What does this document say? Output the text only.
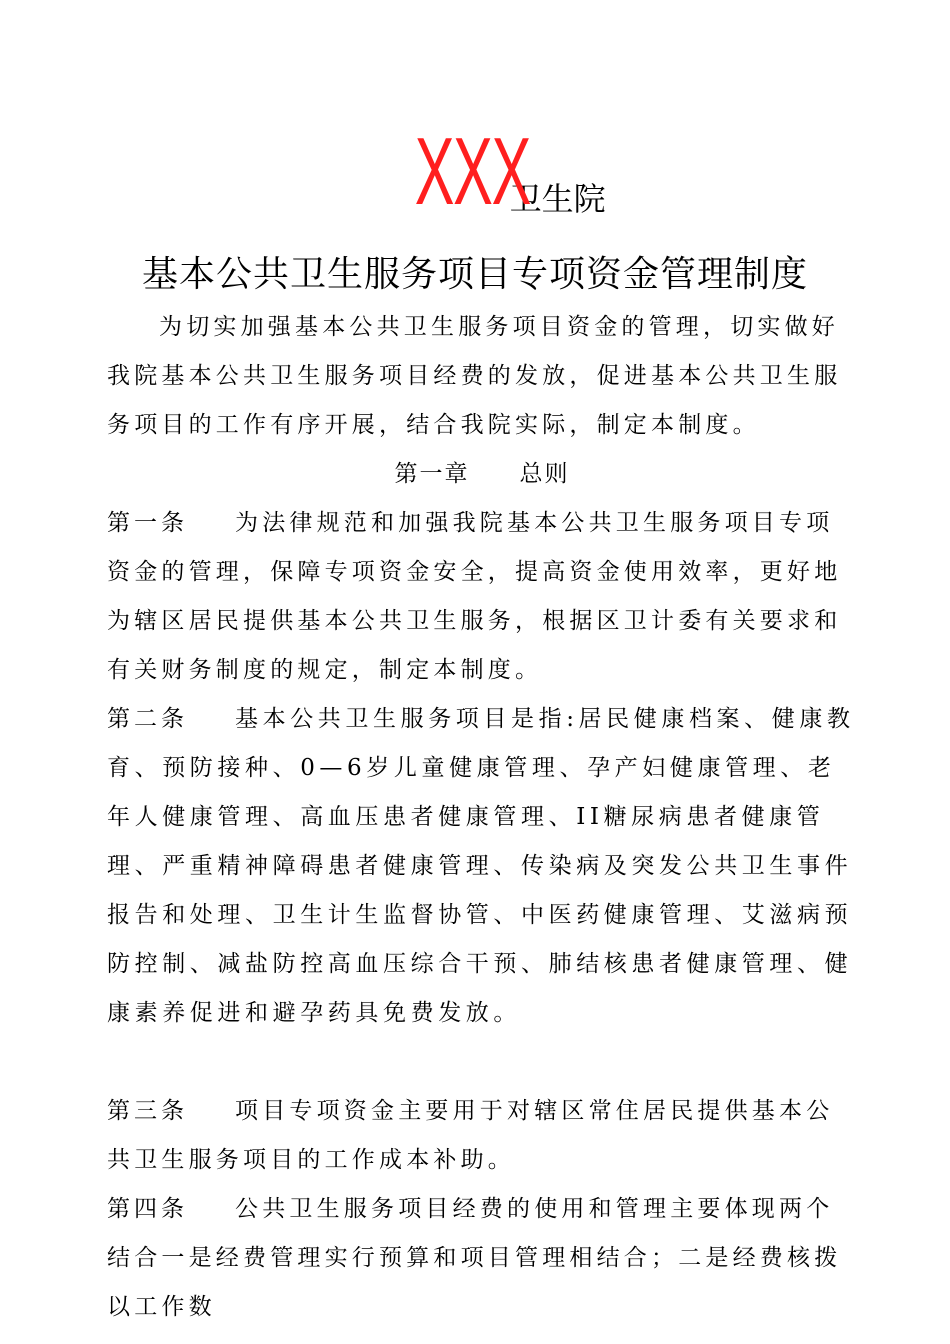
XXX 卫生院
基本公共卫生服务项目专项资金管理制度

为切实加强基本公共卫生服务项目资金的管理，切实做好我院基本公共卫生服务项目经费的发放，促进基本公共卫生服务项目的工作有序开展，结合我院实际，制定本制度。

第一章 总则

第一条 为法律规范和加强我院基本公共卫生服务项目专项资金的管理，保障专项资金安全，提高资金使用效率，更好地为辖区居民提供基本公共卫生服务，根据区卫计委有关要求和有关财务制度的规定，制定本制度。

第二条 基本公共卫生服务项目是指:居民健康档案、健康教育、预防接种、0—6岁儿童健康管理、孕产妇健康管理、老年人健康管理、高血压患者健康管理、II糖尿病患者健康管理、严重精神障碍患者健康管理、传染病及突发公共卫生事件报告和处理、卫生计生监督协管、中医药健康管理、艾滋病预防控制、减盐防控高血压综合干预、肺结核患者健康管理、健康素养促进和避孕药具免费发放。

第三条 项目专项资金主要用于对辖区常住居民提供基本公共卫生服务项目的工作成本补助。

第四条 公共卫生服务项目经费的使用和管理主要体现两个结合一是经费管理实行预算和项目管理相结合；二是经费核拨以工作数
